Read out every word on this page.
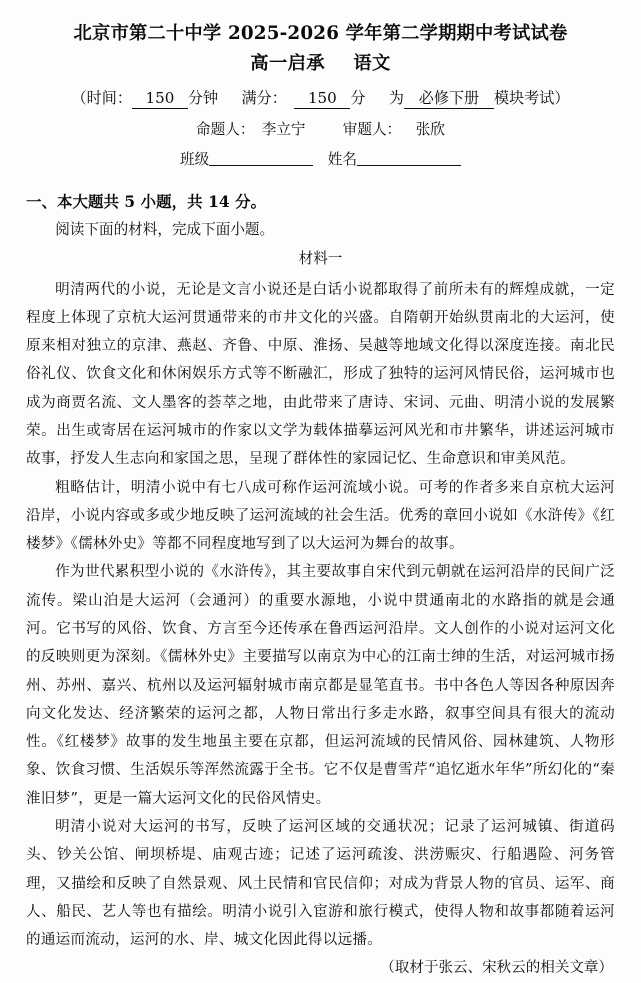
北京市第二十中学 2025-2026 学年第二学期期中考试试卷
高一启承 语文

（时间： 150 分钟 满分： 150 分 为 必修下册 模块考试）

命题人： 李立宁	审题人： 张欣

班级	姓名

一、本大题共 5 小题，共 14 分。

阅读下面的材料，完成下面小题。

材料一

明清两代的小说，无论是文言小说还是白话小说都取得了前所未有的辉煌成就，一定程度上体现了京杭大运河贯通带来的市井文化的兴盛。自隋朝开始纵贯南北的大运河，使原来相对独立的京津、燕赵、齐鲁、中原、淮扬、吴越等地域文化得以深度连接。南北民俗礼仪、饮食文化和休闲娱乐方式等不断融汇，形成了独特的运河风情民俗，运河城市也成为商贾名流、文人墨客的荟萃之地，由此带来了唐诗、宋词、元曲、明清小说的发展繁荣。出生或寄居在运河城市的作家以文学为载体描摹运河风光和市井繁华，讲述运河城市故事，抒发人生志向和家国之思，呈现了群体性的家园记忆、生命意识和审美风范。

粗略估计，明清小说中有七八成可称作运河流域小说。可考的作者多来自京杭大运河沿岸，小说内容或多或少地反映了运河流域的社会生活。优秀的章回小说如《水浒传》《红楼梦》《儒林外史》等都不同程度地写到了以大运河为舞台的故事。

作为世代累积型小说的《水浒传》，其主要故事自宋代到元朝就在运河沿岸的民间广泛流传。梁山泊是大运河（会通河）的重要水源地，小说中贯通南北的水路指的就是会通河。它书写的风俗、饮食、方言至今还传承在鲁西运河沿岸。文人创作的小说对运河文化的反映则更为深刻。《儒林外史》主要描写以南京为中心的江南士绅的生活，对运河城市扬州、苏州、嘉兴、杭州以及运河辐射城市南京都是显笔直书。书中各色人等因各种原因奔向文化发达、经济繁荣的运河之都，人物日常出行多走水路，叙事空间具有很大的流动性。《红楼梦》故事的发生地虽主要在京都，但运河流域的民情风俗、园林建筑、人物形象、饮食习惯、生活娱乐等浑然流露于全书。它不仅是曹雪芹“追忆逝水年华”所幻化的“秦淮旧梦”，更是一篇大运河文化的民俗风情史。

明清小说对大运河的书写，反映了运河区域的交通状况；记录了运河城镇、街道码头、钞关公馆、闸坝桥堤、庙观古迹；记述了运河疏浚、洪涝赈灾、行船遇险、河务管理，又描绘和反映了自然景观、风土民情和官民信仰；对成为背景人物的官员、运军、商人、船民、艺人等也有描绘。明清小说引入宦游和旅行模式，使得人物和故事都随着运河的通运而流动，运河的水、岸、城文化因此得以远播。

（取材于张云、宋秋云的相关文章）
